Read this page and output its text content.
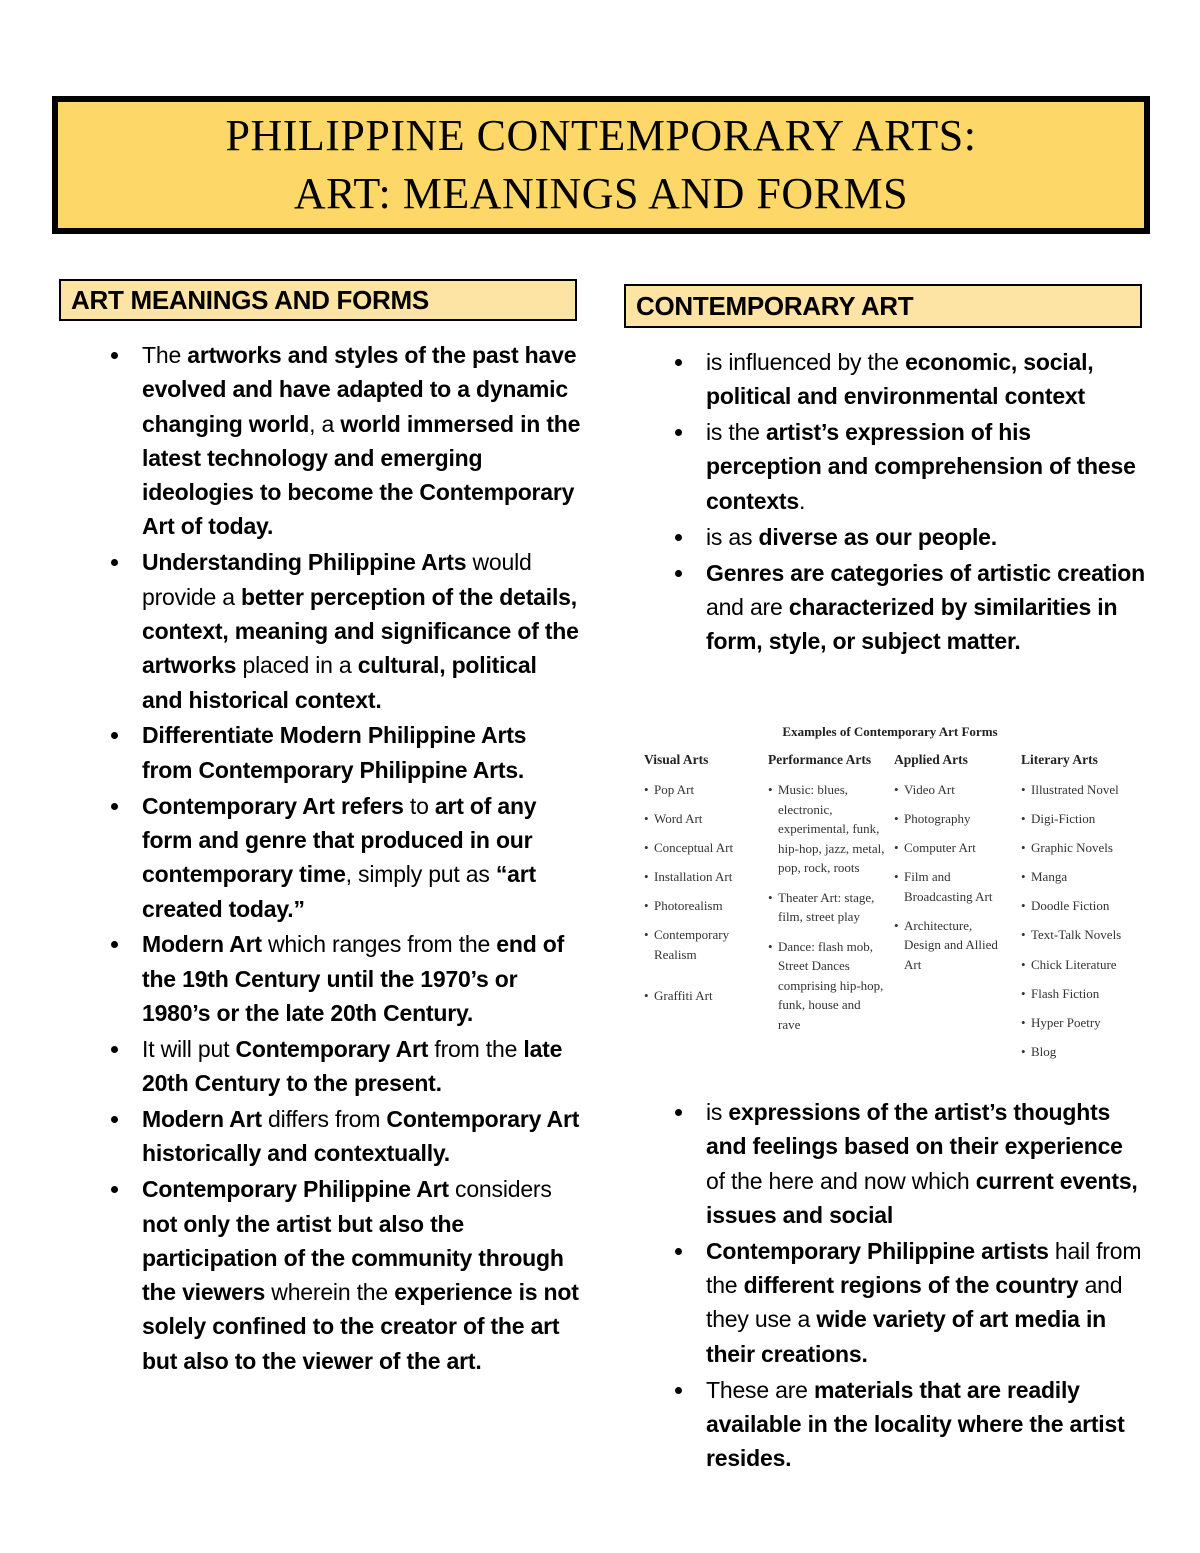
PHILIPPINE CONTEMPORARY ARTS:
ART: MEANINGS AND FORMS
ART MEANINGS AND FORMS
The artworks and styles of the past have evolved and have adapted to a dynamic changing world, a world immersed in the latest technology and emerging ideologies to become the Contemporary Art of today.
Understanding Philippine Arts would provide a better perception of the details, context, meaning and significance of the artworks placed in a cultural, political and historical context.
Differentiate Modern Philippine Arts from Contemporary Philippine Arts.
Contemporary Art refers to art of any form and genre that produced in our contemporary time, simply put as “art created today.”
Modern Art which ranges from the end of the 19th Century until the 1970’s or 1980’s or the late 20th Century.
It will put Contemporary Art from the late 20th Century to the present.
Modern Art differs from Contemporary Art historically and contextually.
Contemporary Philippine Art considers not only the artist but also the participation of the community through the viewers wherein the experience is not solely confined to the creator of the art but also to the viewer of the art.
CONTEMPORARY ART
is influenced by the economic, social, political and environmental context
is the artist’s expression of his perception and comprehension of these contexts.
is as diverse as our people.
Genres are categories of artistic creation and are characterized by similarities in form, style, or subject matter.
Examples of Contemporary Art Forms
Visual Arts
• Pop Art
• Word Art
• Conceptual Art
• Installation Art
• Photorealism
• Contemporary Realism
• Graffiti Art
Performance Arts
• Music: blues, electronic, experimental, funk, hip-hop, jazz, metal, pop, rock, roots
• Theater Art: stage, film, street play
• Dance: flash mob, Street Dances comprising hip-hop, funk, house and rave
Applied Arts
• Video Art
• Photography
• Computer Art
• Film and Broadcasting Art
• Architecture, Design and Allied Art
Literary Arts
• Illustrated Novel
• Digi-Fiction
• Graphic Novels
• Manga
• Doodle Fiction
• Text-Talk Novels
• Chick Literature
• Flash Fiction
• Hyper Poetry
• Blog
is expressions of the artist’s thoughts and feelings based on their experience of the here and now which current events, issues and social
Contemporary Philippine artists hail from the different regions of the country and they use a wide variety of art media in their creations.
These are materials that are readily available in the locality where the artist resides.
